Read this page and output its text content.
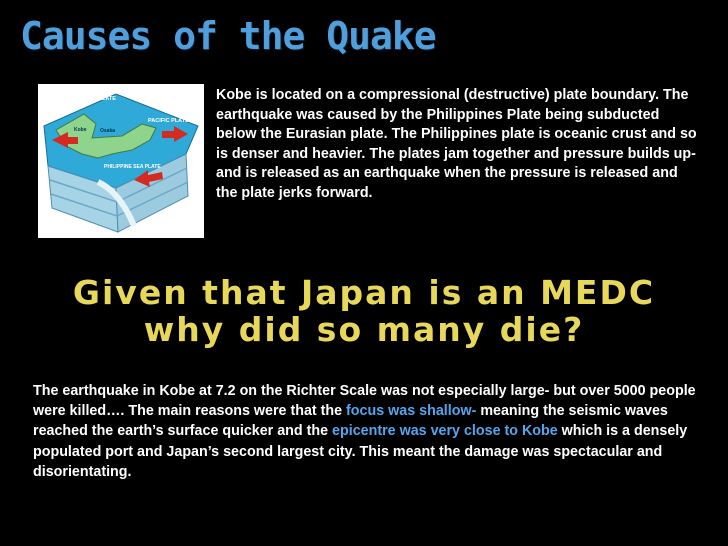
Causes of the Quake
EURASIAN PLATE
Osaka
Kobe
PACIFIC PLATE
PHILIPPINE SEA PLATE
Kobe is located on a compressional (destructive) plate boundary. The earthquake was caused by the Philippines Plate being subducted below the Eurasian plate. The Philippines plate is oceanic crust and so is denser and heavier. The plates jam together and pressure builds up- and is released as an earthquake when the pressure is released and the plate jerks forward.
Given that Japan is an MEDC
why did so many die?
The earthquake in Kobe at 7.2 on the Richter Scale was not especially large- but over 5000 people were killed…. The main reasons were that the focus was shallow- meaning the seismic waves reached the earth’s surface quicker and the epicentre was very close to Kobe which is a densely populated port and Japan’s second largest city. This meant the damage was spectacular and disorientating.
